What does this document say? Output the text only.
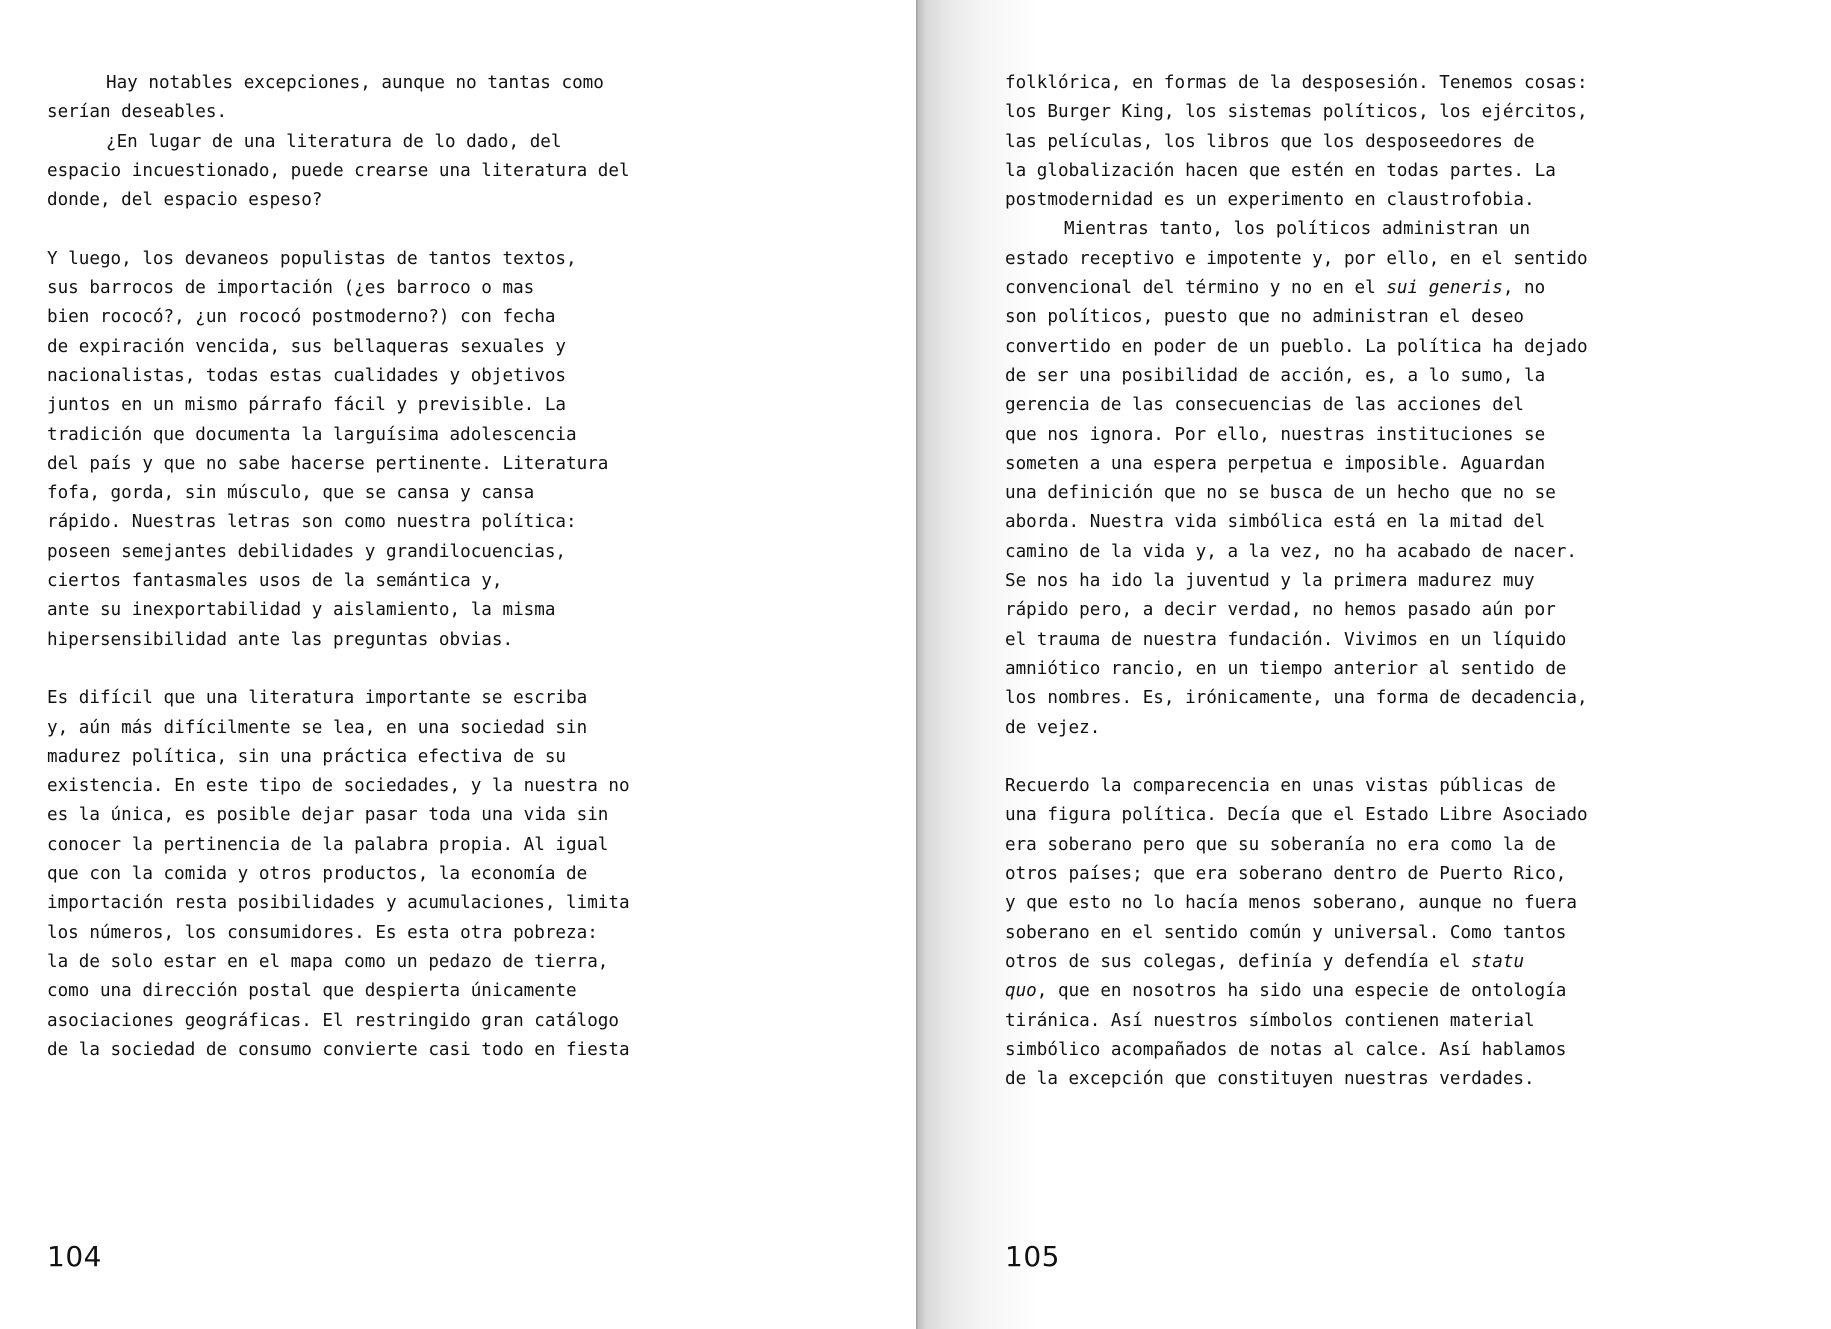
Hay notables excepciones, aunque no tantas como
serían deseables.
¿En lugar de una literatura de lo dado, del
espacio incuestionado, puede crearse una literatura del
donde, del espacio espeso?
Y luego, los devaneos populistas de tantos textos,
sus barrocos de importación (¿es barroco o mas
bien rococó?, ¿un rococó postmoderno?) con fecha
de expiración vencida, sus bellaqueras sexuales y
nacionalistas, todas estas cualidades y objetivos
juntos en un mismo párrafo fácil y previsible. La
tradición que documenta la larguísima adolescencia
del país y que no sabe hacerse pertinente. Literatura
fofa, gorda, sin músculo, que se cansa y cansa
rápido. Nuestras letras son como nuestra política:
poseen semejantes debilidades y grandilocuencias,
ciertos fantasmales usos de la semántica y,
ante su inexportabilidad y aislamiento, la misma
hipersensibilidad ante las preguntas obvias.
Es difícil que una literatura importante se escriba
y, aún más difícilmente se lea, en una sociedad sin
madurez política, sin una práctica efectiva de su
existencia. En este tipo de sociedades, y la nuestra no
es la única, es posible dejar pasar toda una vida sin
conocer la pertinencia de la palabra propia. Al igual
que con la comida y otros productos, la economía de
importación resta posibilidades y acumulaciones, limita
los números, los consumidores. Es esta otra pobreza:
la de solo estar en el mapa como un pedazo de tierra,
como una dirección postal que despierta únicamente
asociaciones geográficas. El restringido gran catálogo
de la sociedad de consumo convierte casi todo en fiesta
104
folklórica, en formas de la desposesión. Tenemos cosas:
los Burger King, los sistemas políticos, los ejércitos,
las películas, los libros que los desposeedores de
la globalización hacen que estén en todas partes. La
postmodernidad es un experimento en claustrofobia.
Mientras tanto, los políticos administran un
estado receptivo e impotente y, por ello, en el sentido
convencional del término y no en el sui generis, no
son políticos, puesto que no administran el deseo
convertido en poder de un pueblo. La política ha dejado
de ser una posibilidad de acción, es, a lo sumo, la
gerencia de las consecuencias de las acciones del
que nos ignora. Por ello, nuestras instituciones se
someten a una espera perpetua e imposible. Aguardan
una definición que no se busca de un hecho que no se
aborda. Nuestra vida simbólica está en la mitad del
camino de la vida y, a la vez, no ha acabado de nacer.
Se nos ha ido la juventud y la primera madurez muy
rápido pero, a decir verdad, no hemos pasado aún por
el trauma de nuestra fundación. Vivimos en un líquido
amniótico rancio, en un tiempo anterior al sentido de
los nombres. Es, irónicamente, una forma de decadencia,
de vejez.
Recuerdo la comparecencia en unas vistas públicas de
una figura política. Decía que el Estado Libre Asociado
era soberano pero que su soberanía no era como la de
otros países; que era soberano dentro de Puerto Rico,
y que esto no lo hacía menos soberano, aunque no fuera
soberano en el sentido común y universal. Como tantos
otros de sus colegas, definía y defendía el statu
quo, que en nosotros ha sido una especie de ontología
tiránica. Así nuestros símbolos contienen material
simbólico acompañados de notas al calce. Así hablamos
de la excepción que constituyen nuestras verdades.
105
